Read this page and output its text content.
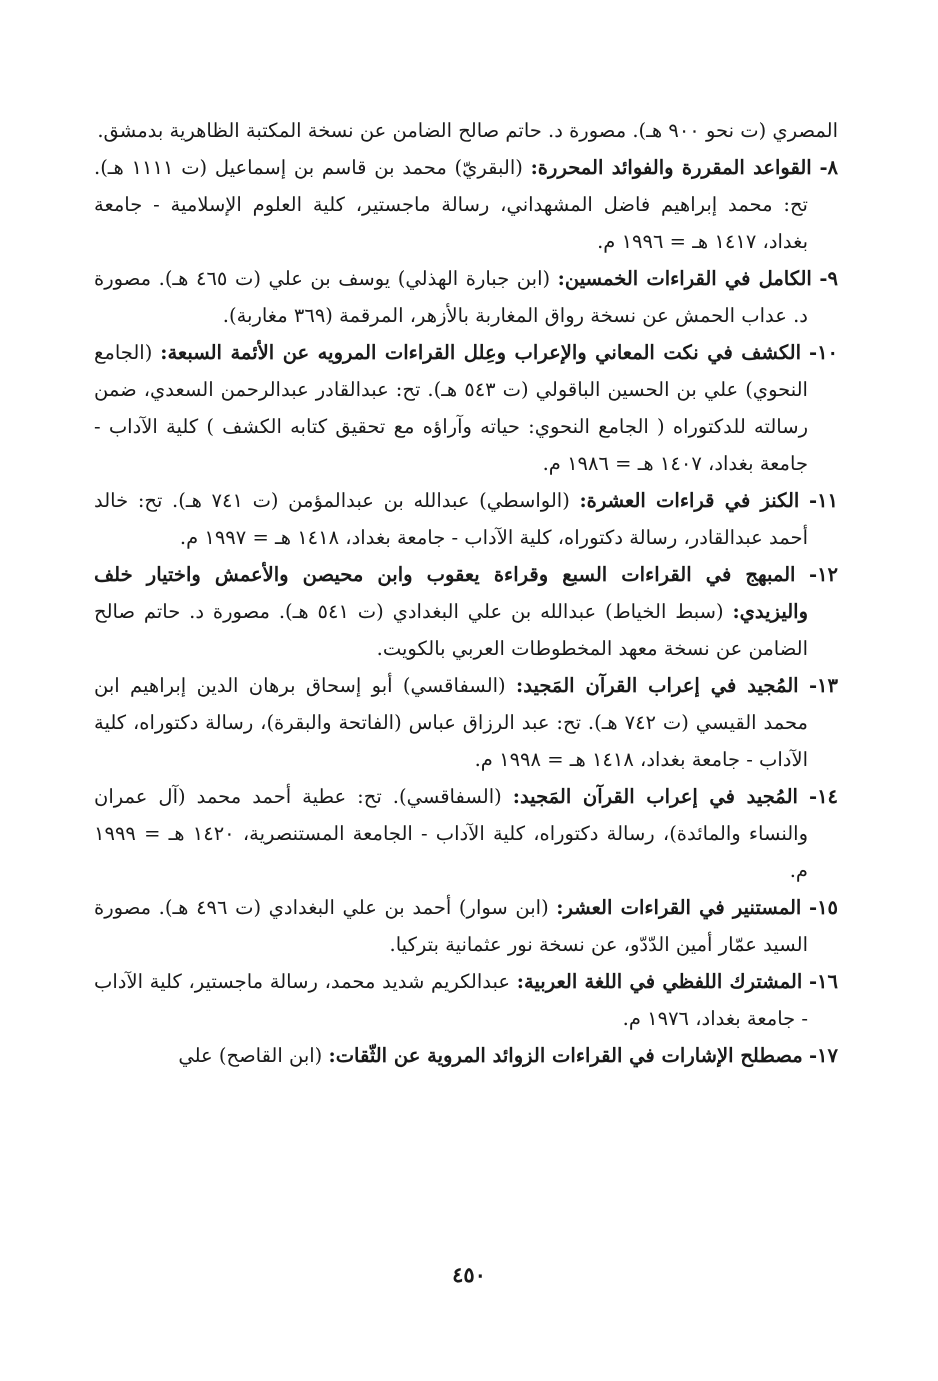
المصري (ت نحو ٩٠٠ هـ). مصورة د. حاتم صالح الضامن عن نسخة المكتبة الظاهرية بدمشق.

٨- القواعد المقررة والفوائد المحررة: (البقريّ) محمد بن قاسم بن إسماعيل (ت ١١١١ هـ). تح: محمد إبراهيم فاضل المشهداني، رسالة ماجستير، كلية العلوم الإسلامية - جامعة بغداد، ١٤١٧ هـ = ١٩٩٦ م.

٩- الكامل في القراءات الخمسين: (ابن جبارة الهذلي) يوسف بن علي (ت ٤٦٥ هـ). مصورة د. عداب الحمش عن نسخة رواق المغاربة بالأزهر، المرقمة (٣٦٩ مغاربة).

١٠- الكشف في نكت المعاني والإعراب وعِلل القراءات المرويه عن الأئمة السبعة: (الجامع النحوي) علي بن الحسين الباقولي (ت ٥٤٣ هـ). تح: عبدالقادر عبدالرحمن السعدي، ضمن رسالته للدكتوراه ( الجامع النحوي: حياته وآراؤه مع تحقيق كتابه الكشف ) كلية الآداب - جامعة بغداد، ١٤٠٧ هـ = ١٩٨٦ م.

١١- الكنز في قراءات العشرة: (الواسطي) عبدالله بن عبدالمؤمن (ت ٧٤١ هـ). تح: خالد أحمد عبدالقادر، رسالة دكتوراه، كلية الآداب - جامعة بغداد، ١٤١٨ هـ = ١٩٩٧ م.

١٢- المبهج في القراءات السبع وقراءة يعقوب وابن محيصن والأعمش واختيار خلف واليزيدي: (سبط الخياط) عبدالله بن علي البغدادي (ت ٥٤١ هـ). مصورة د. حاتم صالح الضامن عن نسخة معهد المخطوطات العربي بالكويت.

١٣- المُجيد في إعراب القرآن المَجيد: (السفاقسي) أبو إسحاق برهان الدين إبراهيم ابن محمد القيسي (ت ٧٤٢ هـ). تح: عبد الرزاق عباس (الفاتحة والبقرة)، رسالة دكتوراه، كلية الآداب - جامعة بغداد، ١٤١٨ هـ = ١٩٩٨ م.

١٤- المُجيد في إعراب القرآن المَجيد: (السفاقسي). تح: عطية أحمد محمد (آل عمران والنساء والمائدة)، رسالة دكتوراه، كلية الآداب - الجامعة المستنصرية، ١٤٢٠ هـ = ١٩٩٩ م.

١٥- المستنير في القراءات العشر: (ابن سوار) أحمد بن علي البغدادي (ت ٤٩٦ هـ). مصورة السيد عمّار أمين الدّدّو، عن نسخة نور عثمانية بتركيا.

١٦- المشترك اللفظي في اللغة العربية: عبدالكريم شديد محمد، رسالة ماجستير، كلية الآداب - جامعة بغداد، ١٩٧٦ م.

١٧- مصطلح الإشارات في القراءات الزوائد المروية عن الثّقات: (ابن القاصح) علي

٤٥٠
